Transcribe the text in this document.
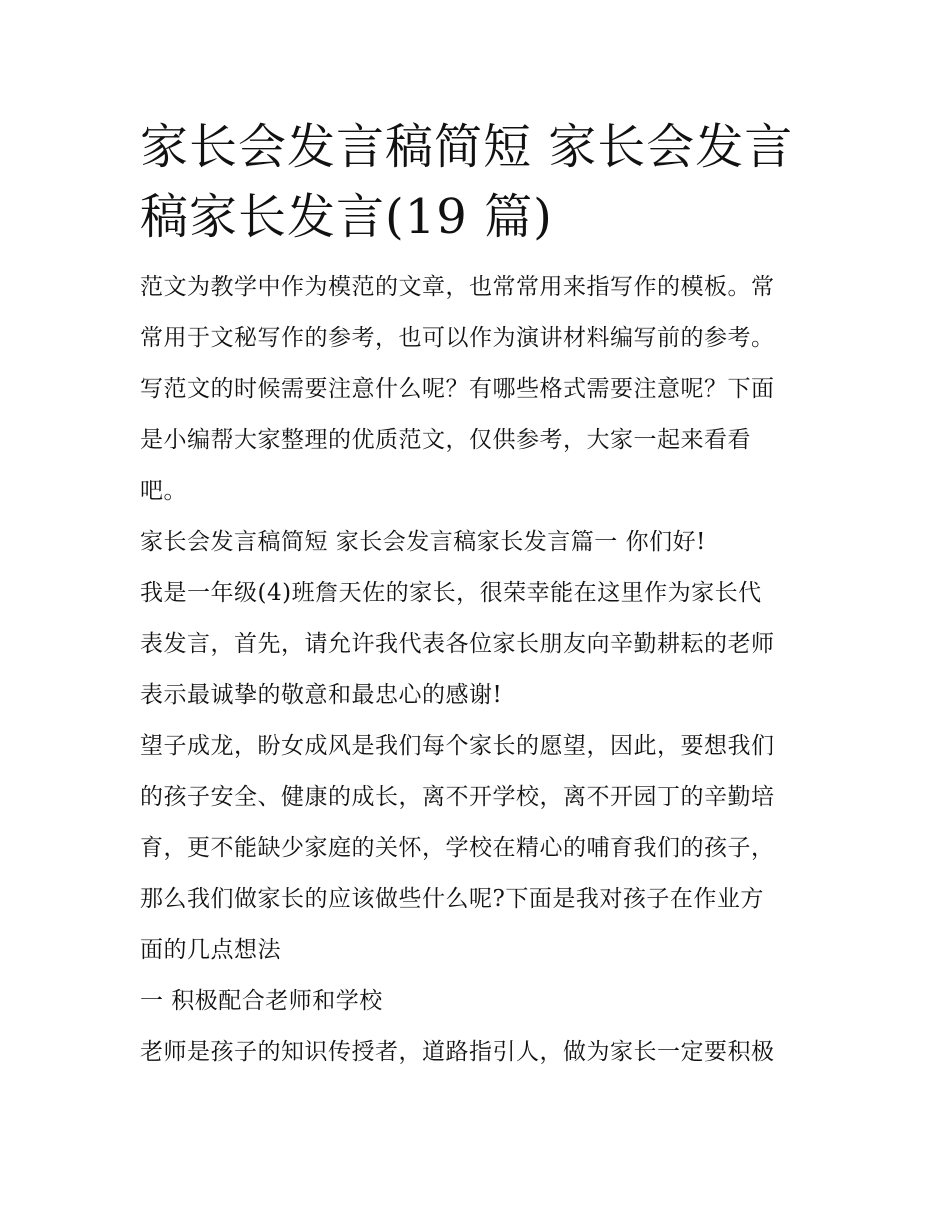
家长会发言稿简短 家长会发言
稿家长发言(19 篇)
范文为教学中作为模范的文章，也常常用来指写作的模板。常
常用于文秘写作的参考，也可以作为演讲材料编写前的参考。
写范文的时候需要注意什么呢？有哪些格式需要注意呢？下面
是小编帮大家整理的优质范文，仅供参考，大家一起来看看
吧。
家长会发言稿简短 家长会发言稿家长发言篇一 你们好!
我是一年级(4)班詹天佐的家长，很荣幸能在这里作为家长代
表发言，首先，请允许我代表各位家长朋友向辛勤耕耘的老师
表示最诚挚的敬意和最忠心的感谢!
望子成龙，盼女成风是我们每个家长的愿望，因此，要想我们
的孩子安全、健康的成长，离不开学校，离不开园丁的辛勤培
育，更不能缺少家庭的关怀，学校在精心的哺育我们的孩子，
那么我们做家长的应该做些什么呢?下面是我对孩子在作业方
面的几点想法
一 积极配合老师和学校
老师是孩子的知识传授者，道路指引人，做为家长一定要积极
